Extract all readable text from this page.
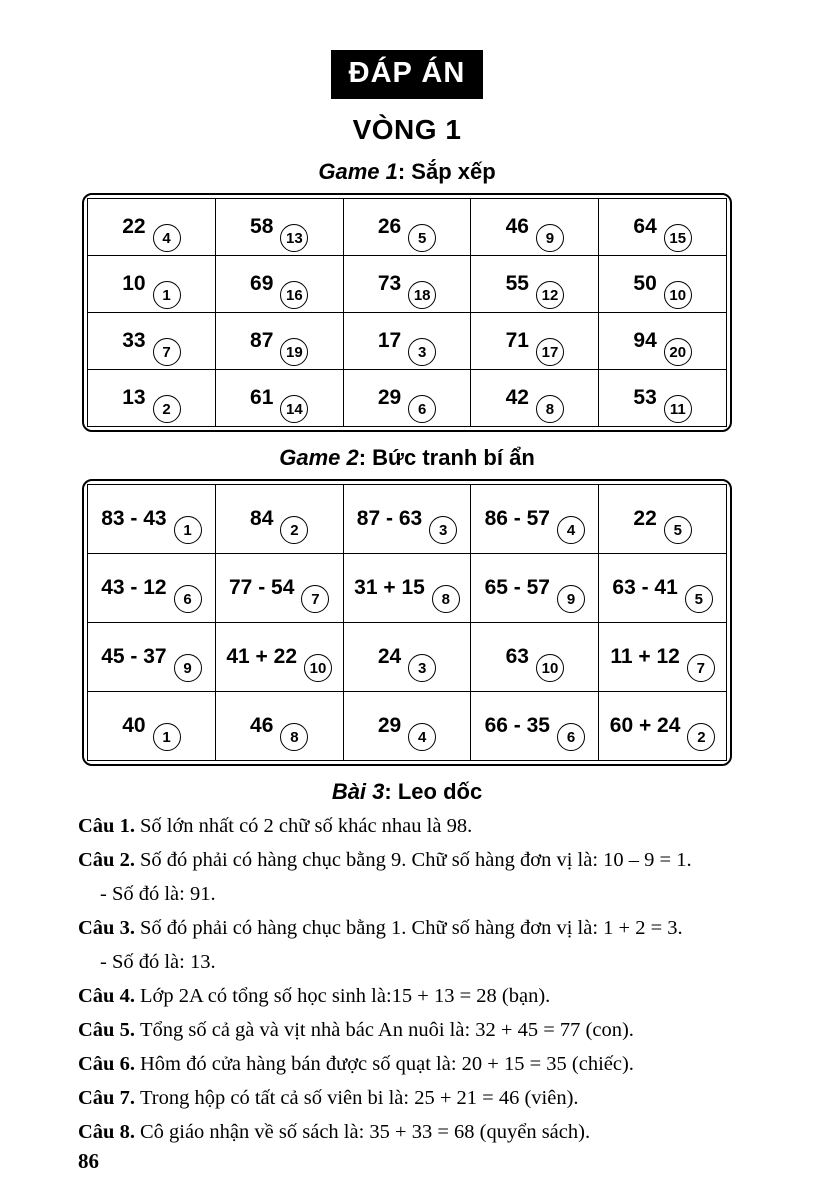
ĐÁP ÁN
VÒNG 1
Game 1: Sắp xếp
22 4	58 13	26 5	46 9	64 15

10 1	69 16	73 18	55 12	50 10

33 7	87 19	17 3	71 17	94 20

13 2	61 14	29 6	42 8	53 11
Game 2: Bức tranh bí ẩn
83 - 43 1	84 2	87 - 63 3	86 - 57 4	22 5

43 - 12 6	77 - 54 7	31 + 15 8	65 - 57 9	63 - 41 5

45 - 37 9	41 + 22 10	24 3	63 10	11 + 12 7

40 1	46 8	29 4	66 - 35 6	60 + 24 2
Bài 3: Leo dốc

Câu 1. Số lớn nhất có 2 chữ số khác nhau là 98.

Câu 2. Số đó phải có hàng chục bằng 9. Chữ số hàng đơn vị là: 10 – 9 = 1.

- Số đó là: 91.

Câu 3. Số đó phải có hàng chục bằng 1. Chữ số hàng đơn vị là: 1 + 2 = 3.

- Số đó là: 13.

Câu 4. Lớp 2A có tổng số học sinh là:15 + 13 = 28 (bạn).

Câu 5. Tổng số cả gà và vịt nhà bác An nuôi là: 32 + 45 = 77 (con).

Câu 6. Hôm đó cửa hàng bán được số quạt là: 20 + 15 = 35 (chiếc).

Câu 7. Trong hộp có tất cả số viên bi là: 25 + 21 = 46 (viên).

Câu 8. Cô giáo nhận về số sách là: 35 + 33 = 68 (quyển sách).

86
